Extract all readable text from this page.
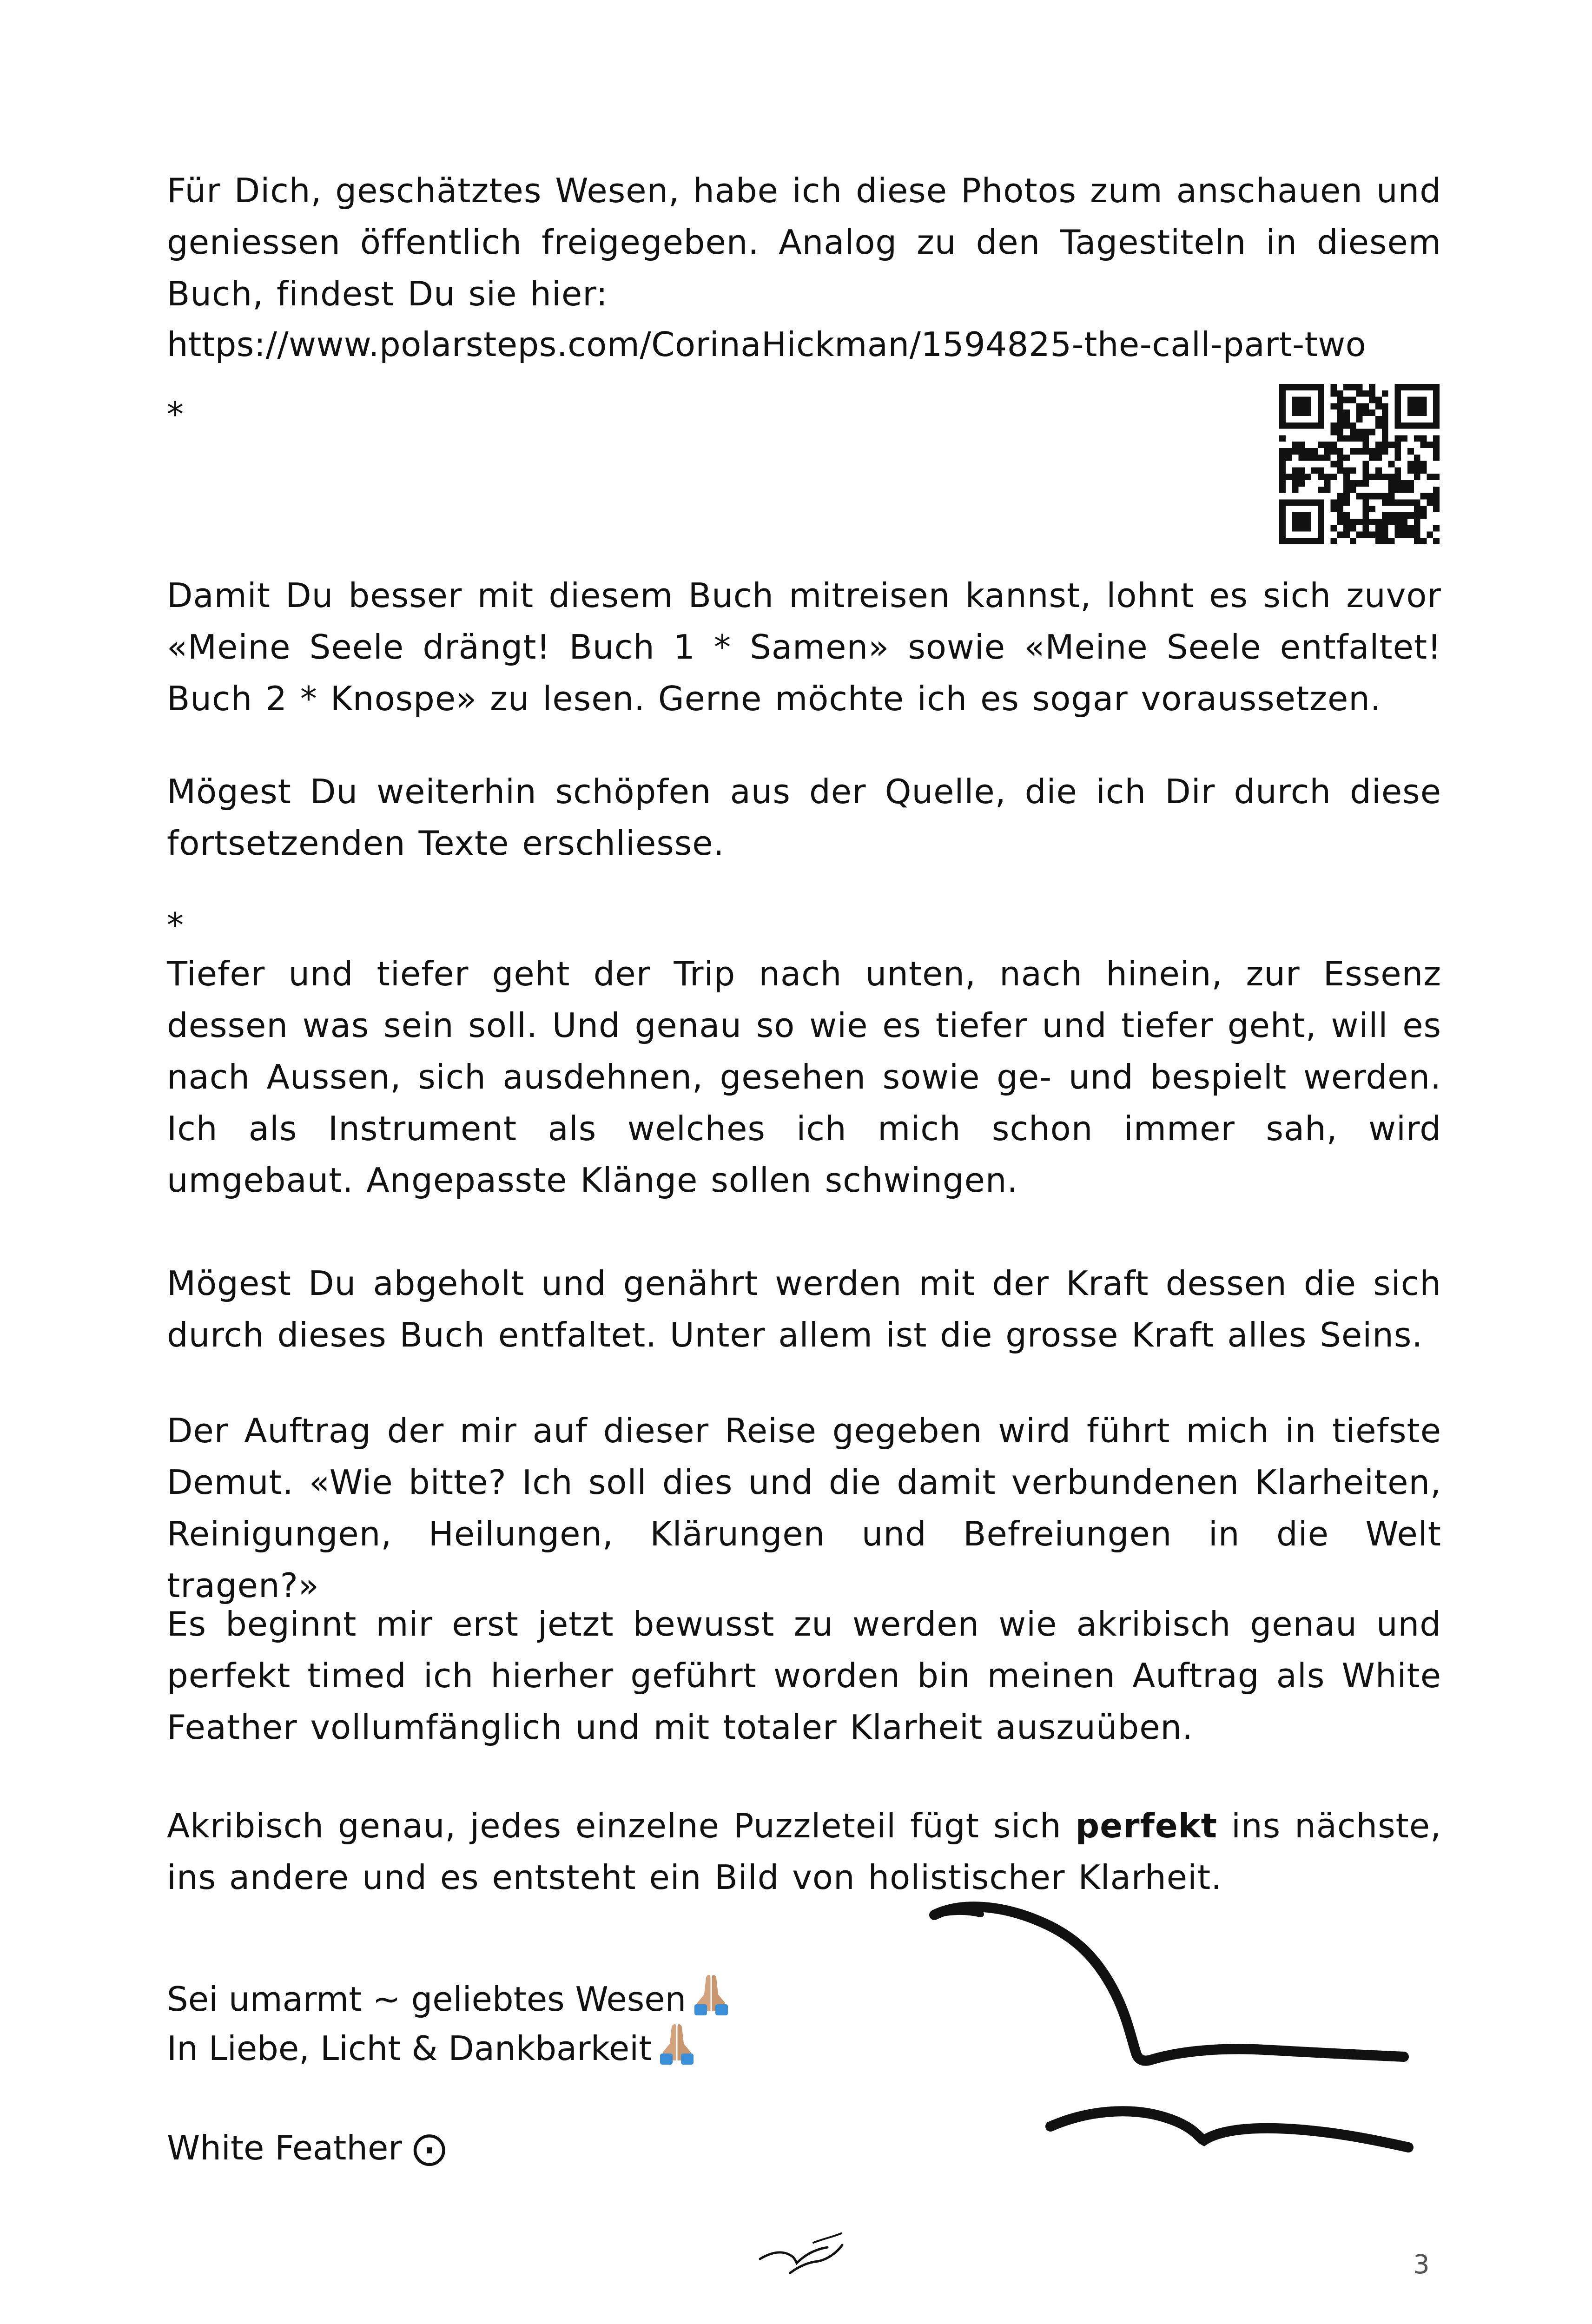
Für Dich, geschätztes Wesen, habe ich diese Photos zum anschauen und geniessen öffentlich freigegeben. Analog zu den Tagestiteln in diesem Buch, findest Du sie hier:

https://www.polarsteps.com/CorinaHickman/1594825-the-call-part-two
*

Damit Du besser mit diesem Buch mitreisen kannst, lohnt es sich zuvor «Meine Seele drängt! Buch 1 * Samen» sowie «Meine Seele entfaltet! Buch 2 * Knospe» zu lesen. Gerne möchte ich es sogar voraussetzen.

Mögest Du weiterhin schöpfen aus der Quelle, die ich Dir durch diese fortsetzenden Texte erschliesse.

*

Tiefer und tiefer geht der Trip nach unten, nach hinein, zur Essenz dessen was sein soll. Und genau so wie es tiefer und tiefer geht, will es nach Aussen, sich ausdehnen, gesehen sowie ge- und bespielt werden. Ich als Instrument als welches ich mich schon immer sah, wird umgebaut. Angepasste Klänge sollen schwingen.

Mögest Du abgeholt und genährt werden mit der Kraft dessen die sich durch dieses Buch entfaltet. Unter allem ist die grosse Kraft alles Seins.

Der Auftrag der mir auf dieser Reise gegeben wird führt mich in tiefste Demut. «Wie bitte? Ich soll dies und die damit verbundenen Klarheiten, Reinigungen, Heilungen, Klärungen und Befreiungen in die Welt tragen?»

Es beginnt mir erst jetzt bewusst zu werden wie akribisch genau und perfekt timed ich hierher geführt worden bin meinen Auftrag als White Feather vollumfänglich und mit totaler Klarheit auszuüben.

Akribisch genau, jedes einzelne Puzzleteil fügt sich perfekt ins nächste, ins andere und es entsteht ein Bild von holistischer Klarheit.

Sei umarmt ~ geliebtes Wesen
In Liebe, Licht & Dankbarkeit
White Feather ⨀
3
